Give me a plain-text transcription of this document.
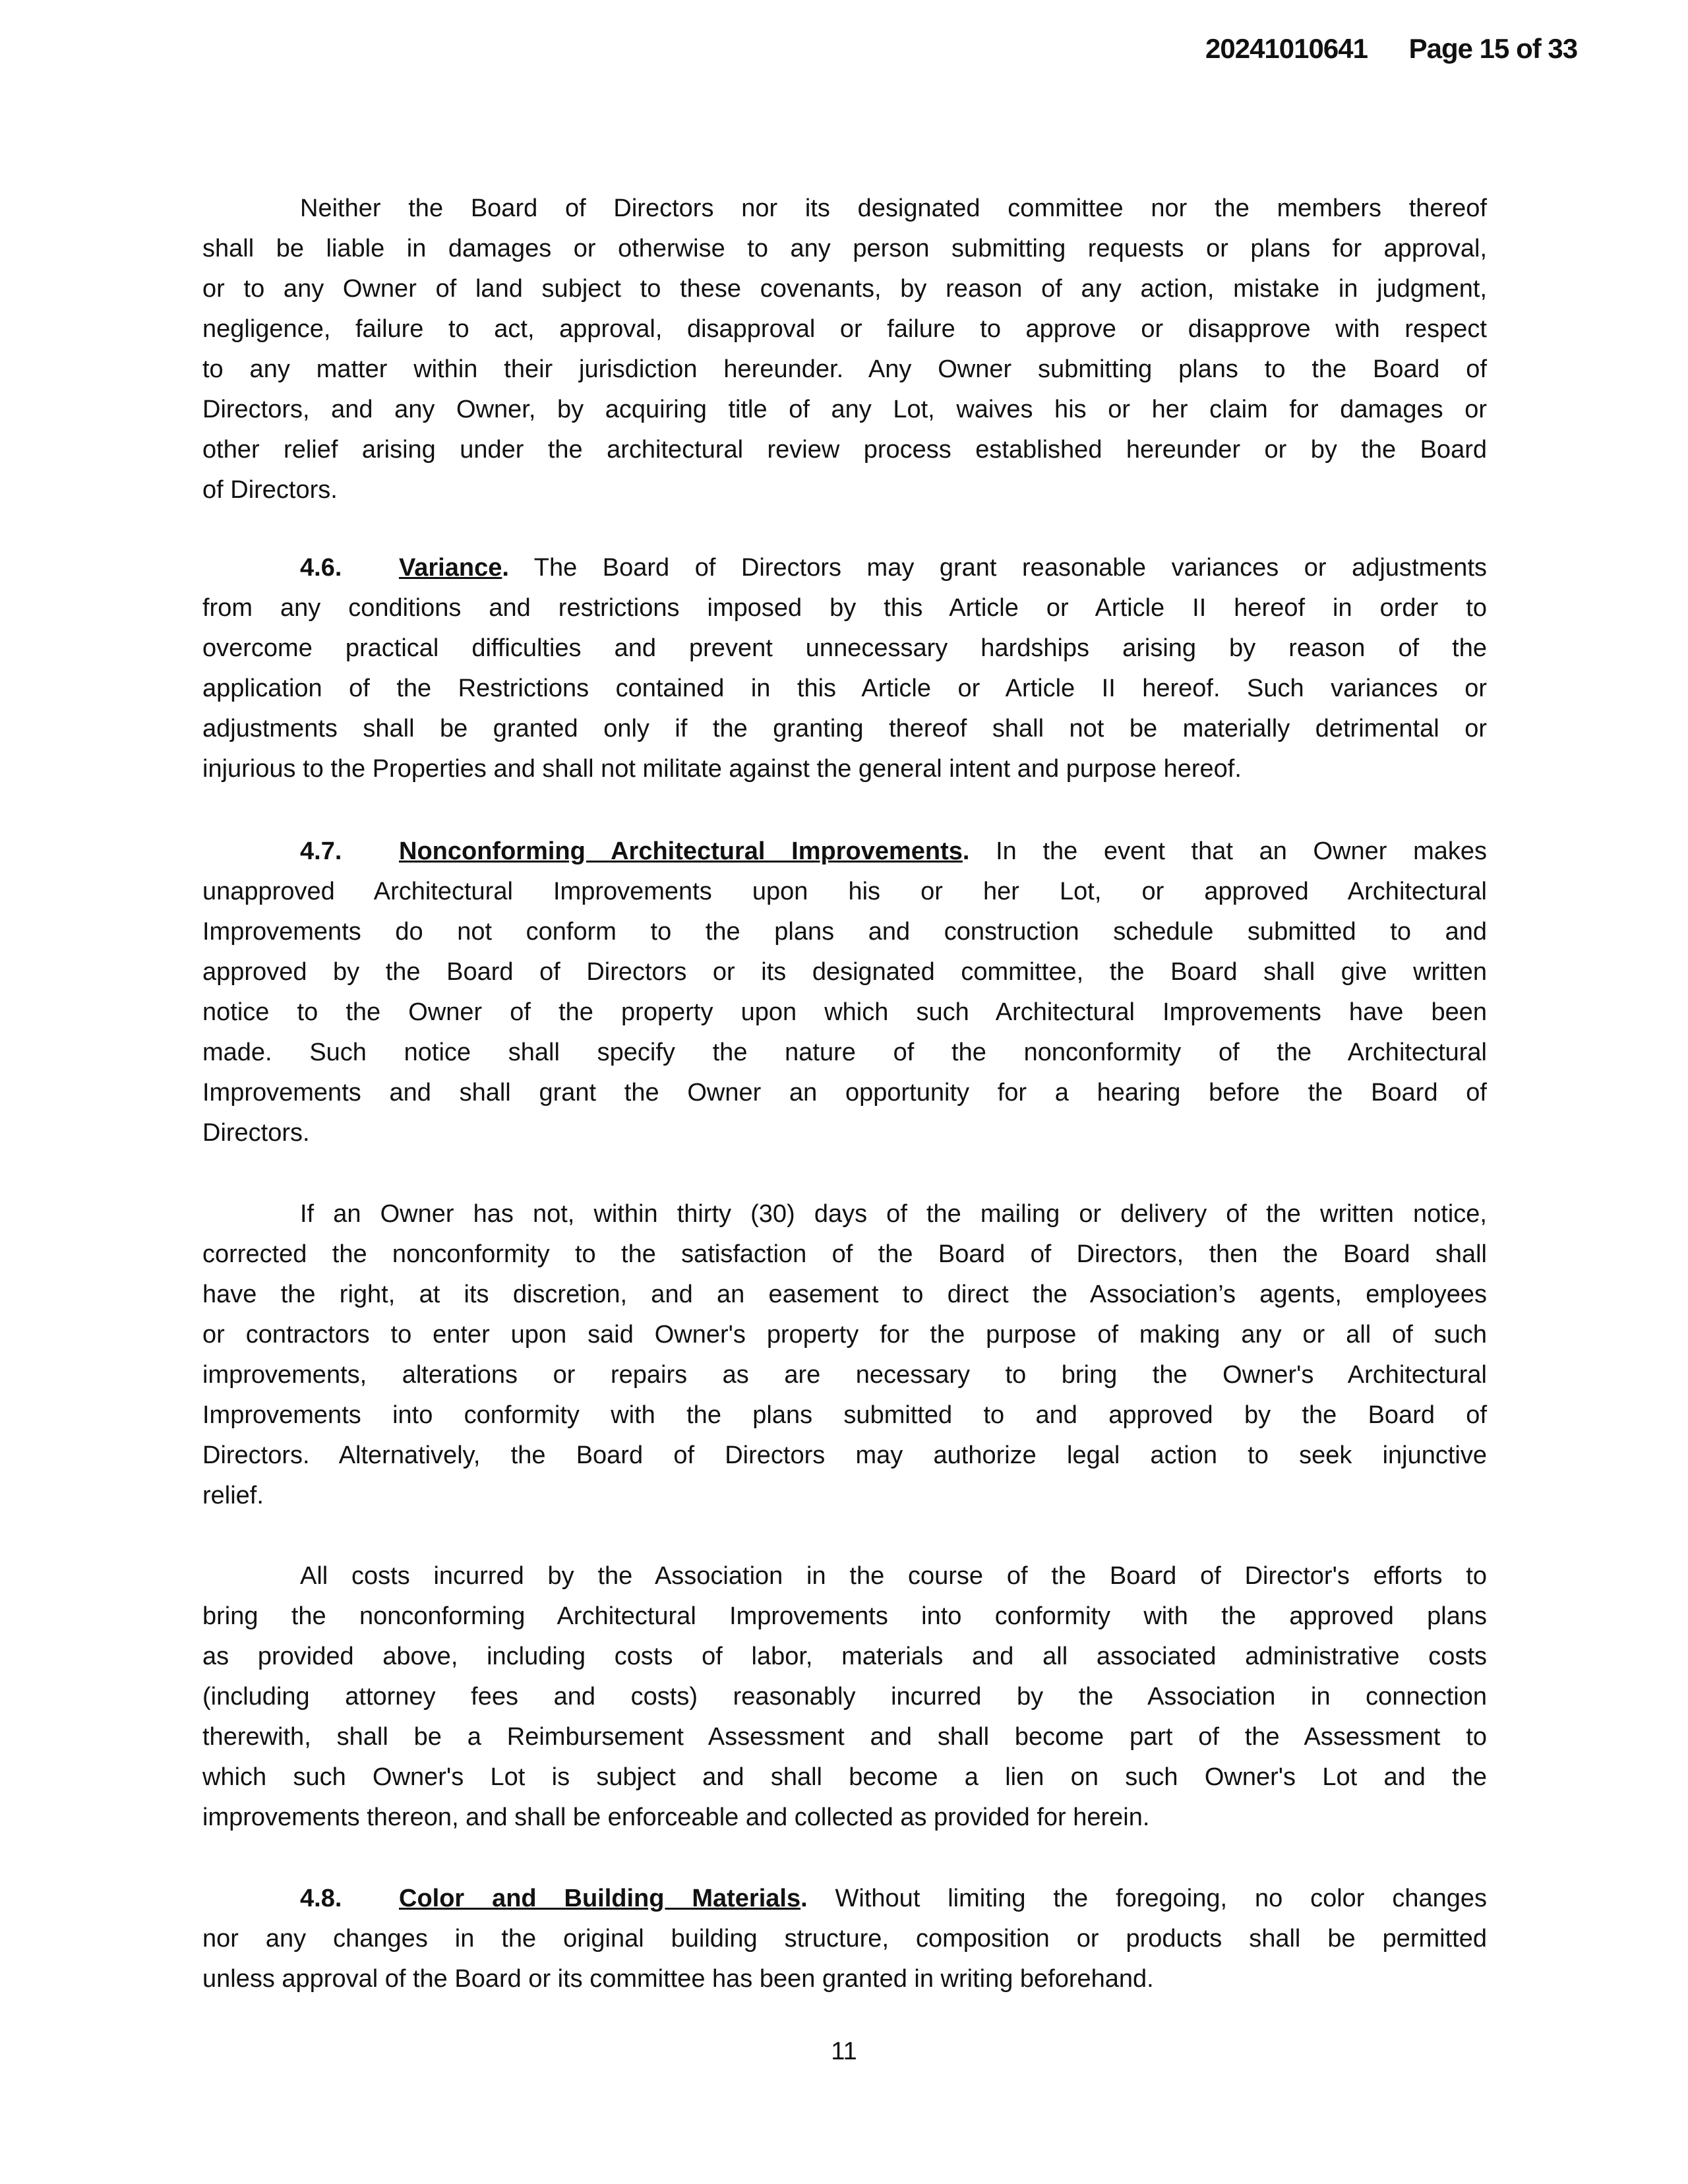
20241010641 Page 15 of 33
Neither the Board of Directors nor its designated committee nor the members thereof
shall be liable in damages or otherwise to any person submitting requests or plans for approval,
or to any Owner of land subject to these covenants, by reason of any action, mistake in judgment,
negligence, failure to act, approval, disapproval or failure to approve or disapprove with respect
to any matter within their jurisdiction hereunder. Any Owner submitting plans to the Board of
Directors, and any Owner, by acquiring title of any Lot, waives his or her claim for damages or
other relief arising under the architectural review process established hereunder or by the Board
of Directors.
4.6. Variance. The Board of Directors may grant reasonable variances or adjustments
from any conditions and restrictions imposed by this Article or Article II hereof in order to
overcome practical difficulties and prevent unnecessary hardships arising by reason of the
application of the Restrictions contained in this Article or Article II hereof. Such variances or
adjustments shall be granted only if the granting thereof shall not be materially detrimental or
injurious to the Properties and shall not militate against the general intent and purpose hereof.
4.7. Nonconforming Architectural Improvements. In the event that an Owner makes
unapproved Architectural Improvements upon his or her Lot, or approved Architectural
Improvements do not conform to the plans and construction schedule submitted to and
approved by the Board of Directors or its designated committee, the Board shall give written
notice to the Owner of the property upon which such Architectural Improvements have been
made. Such notice shall specify the nature of the nonconformity of the Architectural
Improvements and shall grant the Owner an opportunity for a hearing before the Board of
Directors.
If an Owner has not, within thirty (30) days of the mailing or delivery of the written notice,
corrected the nonconformity to the satisfaction of the Board of Directors, then the Board shall
have the right, at its discretion, and an easement to direct the Association’s agents, employees
or contractors to enter upon said Owner's property for the purpose of making any or all of such
improvements, alterations or repairs as are necessary to bring the Owner's Architectural
Improvements into conformity with the plans submitted to and approved by the Board of
Directors. Alternatively, the Board of Directors may authorize legal action to seek injunctive
relief.
All costs incurred by the Association in the course of the Board of Director's efforts to
bring the nonconforming Architectural Improvements into conformity with the approved plans
as provided above, including costs of labor, materials and all associated administrative costs
(including attorney fees and costs) reasonably incurred by the Association in connection
therewith, shall be a Reimbursement Assessment and shall become part of the Assessment to
which such Owner's Lot is subject and shall become a lien on such Owner's Lot and the
improvements thereon, and shall be enforceable and collected as provided for herein.
4.8. Color and Building Materials. Without limiting the foregoing, no color changes
nor any changes in the original building structure, composition or products shall be permitted
unless approval of the Board or its committee has been granted in writing beforehand.
11
